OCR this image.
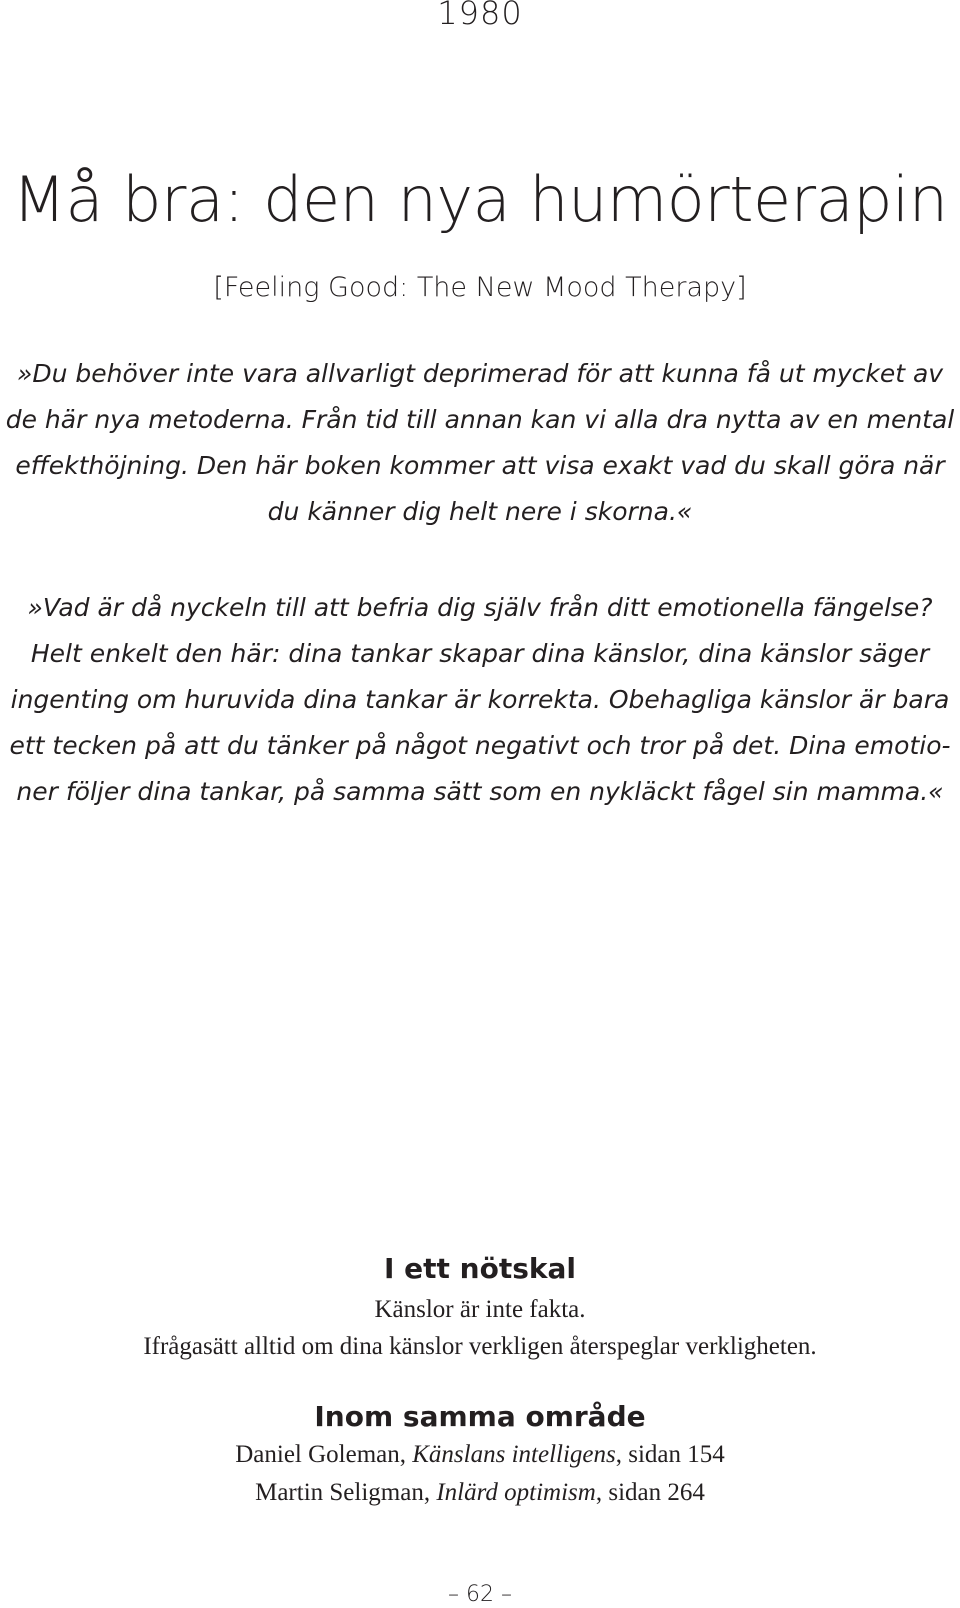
1980
Må bra: den nya humörterapin
[Feeling Good: The New Mood Therapy]

»Du behöver inte vara allvarligt deprimerad för att kunna få ut mycket av
de här nya metoderna. Från tid till annan kan vi alla dra nytta av en mental
effekthöjning. Den här boken kommer att visa exakt vad du skall göra när
du känner dig helt nere i skorna.«

»Vad är då nyckeln till att befria dig själv från ditt emotionella fängelse?
Helt enkelt den här: dina tankar skapar dina känslor, dina känslor säger
ingenting om huruvida dina tankar är korrekta. Obehagliga känslor är bara
ett tecken på att du tänker på något negativt och tror på det. Dina emotio-
ner följer dina tankar, på samma sätt som en nykläckt fågel sin mamma.«

I ett nötskal
Känslor är inte fakta.
Ifrågasätt alltid om dina känslor verkligen återspeglar verkligheten.
Inom samma område
Daniel Goleman, Känslans intelligens, sidan 154
Martin Seligman, Inlärd optimism, sidan 264
– 62 –
